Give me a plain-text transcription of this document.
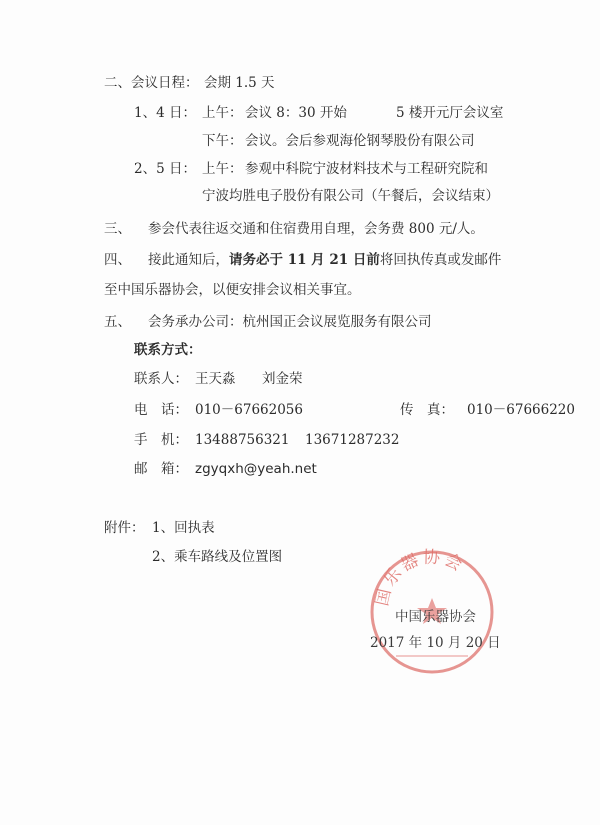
二、会议日程： 会期 1.5 天
1、4 日： 上午： 会议 8：30 开始	5 楼开元厅会议室
下午： 会议。会后参观海伦钢琴股份有限公司
2、5 日： 上午： 参观中科院宁波材料技术与工程研究院和
宁波均胜电子股份有限公司（午餐后，会议结束）
三、 参会代表往返交通和住宿费用自理，会务费 800 元/人。
四、 接此通知后，请务必于 11 月 21 日前将回执传真或发邮件
至中国乐器协会，以便安排会议相关事宜。
五、 会务承办公司：杭州国正会议展览服务有限公司
联系方式：
联系人： 王天淼 刘金荣
电　话： 010－67662056	传　真： 010－67666220
手　机： 13488756321 13671287232
邮　箱： zgyqxh@yeah.net
附件： 1、回执表
2、乘车路线及位置图
国乐器协会
中国乐器协会
2017 年 10 月 20 日
